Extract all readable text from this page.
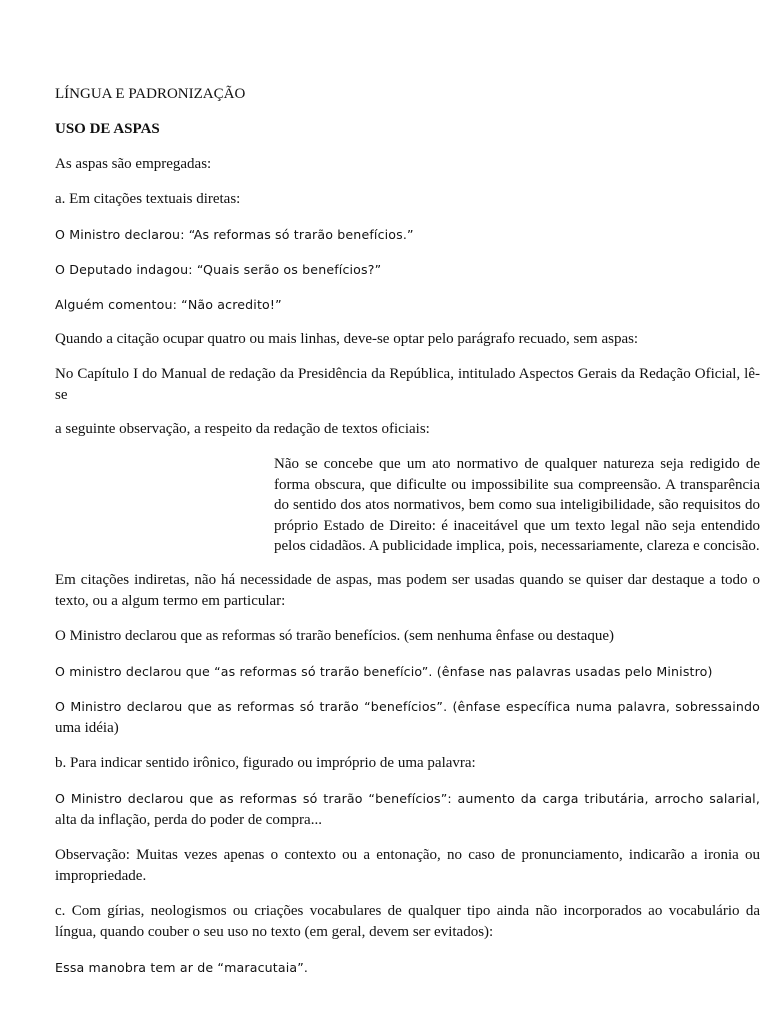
LÍNGUA E PADRONIZAÇÃO

USO DE ASPAS

As aspas são empregadas:

a. Em citações textuais diretas:

O Ministro declarou: “As reformas só trarão benefícios.”

O Deputado indagou: “Quais serão os benefícios?”

Alguém comentou: “Não acredito!”

Quando a citação ocupar quatro ou mais linhas, deve-se optar pelo parágrafo recuado, sem aspas:

No Capítulo I do Manual de redação da Presidência da República, intitulado Aspectos Gerais da Redação Oficial, lê-se

a seguinte observação, a respeito da redação de textos oficiais:

Não se concebe que um ato normativo de qualquer natureza seja redigido de forma obscura, que dificulte ou impossibilite sua compreensão. A transparência do sentido dos atos normativos, bem como sua inteligibilidade, são requisitos do próprio Estado de Direito: é inaceitável que um texto legal não seja entendido pelos cidadãos. A publicidade implica, pois, necessariamente, clareza e concisão.

Em citações indiretas, não há necessidade de aspas, mas podem ser usadas quando se quiser dar destaque a todo o texto, ou a algum termo em particular:

O Ministro declarou que as reformas só trarão benefícios. (sem nenhuma ênfase ou destaque)

O ministro declarou que “as reformas só trarão benefício”. (ênfase nas palavras usadas pelo Ministro)

O Ministro declarou que as reformas só trarão “benefícios”. (ênfase específica numa palavra, sobressaindo uma idéia)

b. Para indicar sentido irônico, figurado ou impróprio de uma palavra:

O Ministro declarou que as reformas só trarão “benefícios”: aumento da carga tributária, arrocho salarial, alta da inflação, perda do poder de compra...

Observação: Muitas vezes apenas o contexto ou a entonação, no caso de pronunciamento, indicarão a ironia ou impropriedade.

c. Com gírias, neologismos ou criações vocabulares de qualquer tipo ainda não incorporados ao vocabulário da língua, quando couber o seu uso no texto (em geral, devem ser evitados):

Essa manobra tem ar de “maracutaia”.
